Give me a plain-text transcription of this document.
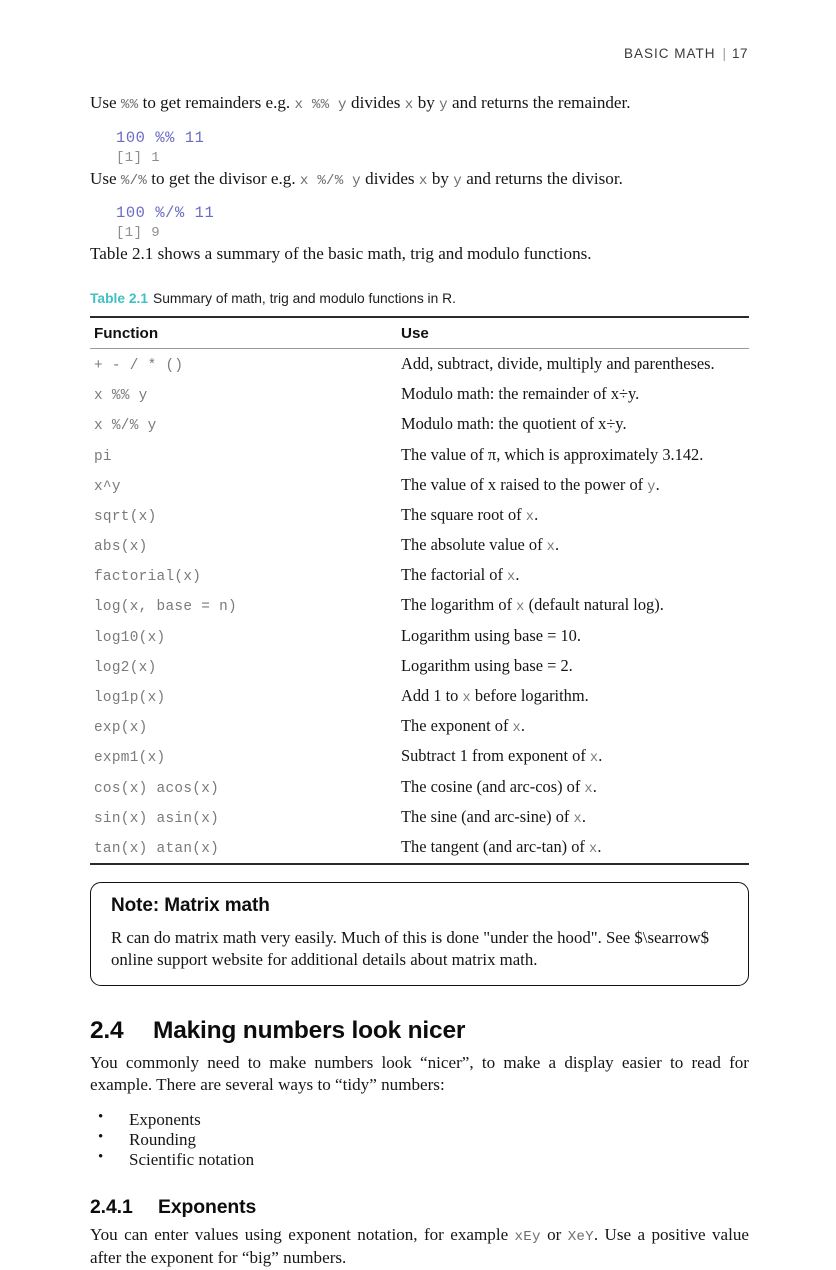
BASIC MATH | 17

Use %% to get remainders e.g. x %% y divides x by y and returns the remainder.

100 %% 11
[1] 1

Use %/% to get the divisor e.g. x %/% y divides x by y and returns the divisor.

100 %/% 11
[1] 9

Table 2.1 shows a summary of the basic math, trig and modulo functions.

Table 2.1 Summary of math, trig and modulo functions in R.
Function	Use
+ - / * ()	Add, subtract, divide, multiply and parentheses.
x %% y	Modulo math: the remainder of x÷y.
x %/% y	Modulo math: the quotient of x÷y.
pi	The value of π, which is approximately 3.142.
x^y	The value of x raised to the power of y.
sqrt(x)	The square root of x.
abs(x)	The absolute value of x.
factorial(x)	The factorial of x.
log(x, base = n)	The logarithm of x (default natural log).
log10(x)	Logarithm using base = 10.
log2(x)	Logarithm using base = 2.
log1p(x)	Add 1 to x before logarithm.
exp(x)	The exponent of x.
expm1(x)	Subtract 1 from exponent of x.
cos(x) acos(x)	The cosine (and arc-cos) of x.
sin(x) asin(x)	The sine (and arc-sine) of x.
tan(x) atan(x)	The tangent (and arc-tan) of x.

Note: Matrix math

R can do matrix math very easily. Much of this is done "under the hood". See $\searrow$ online support website for additional details about matrix math.

2.4 Making numbers look nicer

You commonly need to make numbers look “nicer”, to make a display easier to read for example. There are several ways to “tidy” numbers:

• Exponents
• Rounding
• Scientific notation
2.4.1 Exponents

You can enter values using exponent notation, for example xEy or XeY. Use a positive value after the exponent for “big” numbers.
